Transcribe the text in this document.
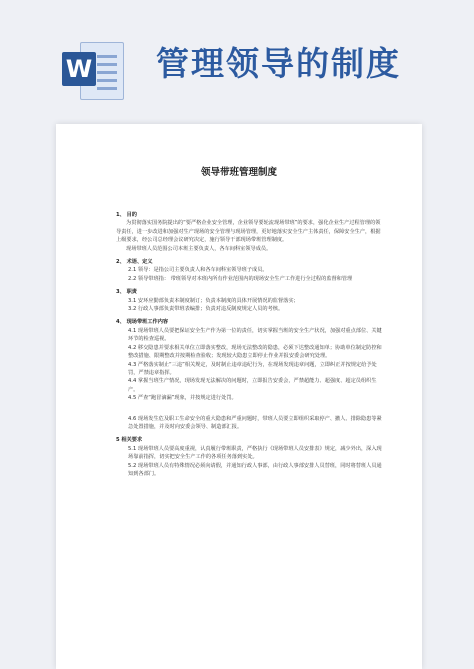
W 管理领导的制度
领导带班管理制度
1、 目的
为贯彻落实国务院提出的“要严格企业安全管理，企业领导要轮流现场带班”的要求，强化企业生产过程管理的领导责任，进一步改进和加强对生产现场的安全管理与现场管理，更好地落实安全生产主体责任，保障安全生产，根据上级要求，经公司总经理会议研究决定，施行领导干部现场带班管理制度。
现场带班人员范围公司本班主要负责人，各车间科室领导成员。
2、 术语、定义
2.1 领导：是指公司主要负责人和各车间科室领导班子成员。
2.2 领导带班指： 带班领导对本班内所有作业范围内的现场安全生产工作进行全过程的监督和管理
3、 职责
3.1 安环应勤部负责本制度制订；负责本制度的具体开展情况的监督落实；
3.2 行政人事部负责带班表编排；负责对违反制度规定人员的考核。
4、 现场带班工作内容
4.1 现场带班人员要把保证安全生产作为第一位的责任，切实掌握当班的安全生产状况，加强对重点部位、关键环节的检查巡视。
4.2 移交隐患并要求相关单位立即落实整改，现场无法整改的隐患，必须下达整改通知单；协助单位制定防控和整改措施、限期整改并按期检查验收；发现较大隐患立即停止作业并报安委会研究处理。
4.3 严格落实制止“三违”相关规定，及时制止违章违纪行为，在现场发现违章问题，立即纠正并按规定给予处罚，严禁违章指挥。
4.4 掌握当班生产情况，现场发现无法解决的问题时，立即报告安委会，严禁超能力、超强度、超定员组织生产。
4.5 严查“跑冒滴漏”现象，并按规定进行处罚。
4.6 现场发生危及职工生命安全的重大隐患和严重问题时，带班人员要立即组织采取停产、撤人、排除隐患等紧急处置措施，并及时向安委会领导、制造部汇报。
5 相关要求
5.1 现场带班人员要高度重视，认真履行带班职责，严格执行《现场带班人员安排表》规定，减少外出，深入现场靠前指挥，切实把安全生产工作的各项任务落到实处。
5.2 现场带班人员有特殊情况必须向请假，并通知行政人事部，由行政人事部安排人员替班，同时将替班人员通知到各部门。
